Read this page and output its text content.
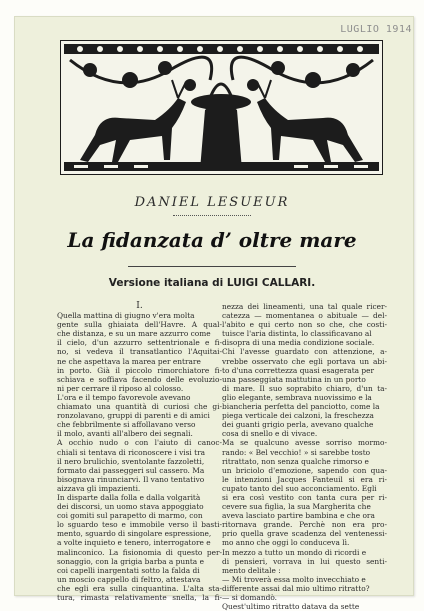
LUGLIO 1914
DANIEL LESUEUR
La fidanzata d’ oltre mare
Versione italiana di LUIGI CALLARI.

I.

Quella mattina di giugno v'era molta
gente sulla ghiaiata dell'Havre. A qual-
che distanza, e su un mare azzurro come
il cielo, d'un azzurro settentrionale e fi-
no, si vedeva il transatlantico l'Aquitai-
ne che aspettava la marea per entrare
in porto. Già il piccolo rimorchiatore fi-
schiava e soffiava facendo delle evoluzio-
ni per cerrare il riposo al colosso.
L'ora e il tempo favorevole avevano
chiamato una quantità di curiosi che gi-
ronzolavano, gruppi di parenti e di amici
che febbrilmente si affollavano verso
il molo, avanti all'albero dei segnali.
A occhio nudo o con l'aiuto di canoc-
chiali si tentava di riconoscere i visi tra
il nero brulichio, sventolante fazzoletti,
formato dai passeggeri sul cassero. Ma
bisognava rinunciarvi. Il vano tentativo
aizzava gli impazienti.
In disparte dalla folla e dalla volgarità
dei discorsi, un uomo stava appoggiato
coi gomiti sul parapetto di marmo, con
lo sguardo teso e immobile verso il basti-
mento, sguardo di singolare espressione,
a volte inquieto e tenero, interrogatore e
malinconico. La fisionomia di questo per-
sonaggio, con la grigia barba a punta e
coi capelli inargentati sotto la falda di
un moscio cappello di feltro, attestava
che egli era sulla cinquantina. L'alta sta-
tura, rimasta relativamente snella, la fi-
nezza dei lineamenti, una tal quale ricer-
catezza — momentanea o abituale — del-
l'abito e qui certo non so che, che costi-
tuisce l'aria distinta, lo classificavano al
disopra di una media condizione sociale.
Chi l'avesse guardato con attenzione, a-
vrebbe osservato che egli portava un abi-
to d'una correttezza quasi esagerata per
una passeggiata mattutina in un porto
di mare. Il suo soprabito chiaro, d'un ta-
glio elegante, sembrava nuovissimo e la
biancheria perfetta del panciotto, come la
piega verticale dei calzoni, la freschezza
dei guanti grigio perla, avevano qualche
cosa di snello e di vivace.
Ma se qualcuno avesse sorriso mormo-
rando: « Bel vecchio! » si sarebbe tosto
ritrattato, non senza qualche rimorso e
un briciolo d'emozione, sapendo con qua-
le intenzioni Jacques Fanteuil si era ri-
cupato tanto del suo acconciamento. Egli
si era così vestito con tanta cura per ri-
cevere sua figlia, la sua Margherita che
aveva lasciato partire bambina e che ora
ritornava grande. Perchè non era pro-
prio quella grave scadenza del ventenessi-
mo anno che oggi lo conduceva lì.
In mezzo a tutto un mondo di ricordi e
di pensieri, vorrava in lui questo senti-
mento delitale :
— Mi troverà essa molto invecchiato e
differente assai dal mio ultimo ritratto?
— si domandò.
Quest'ultimo ritratto datava da sette
